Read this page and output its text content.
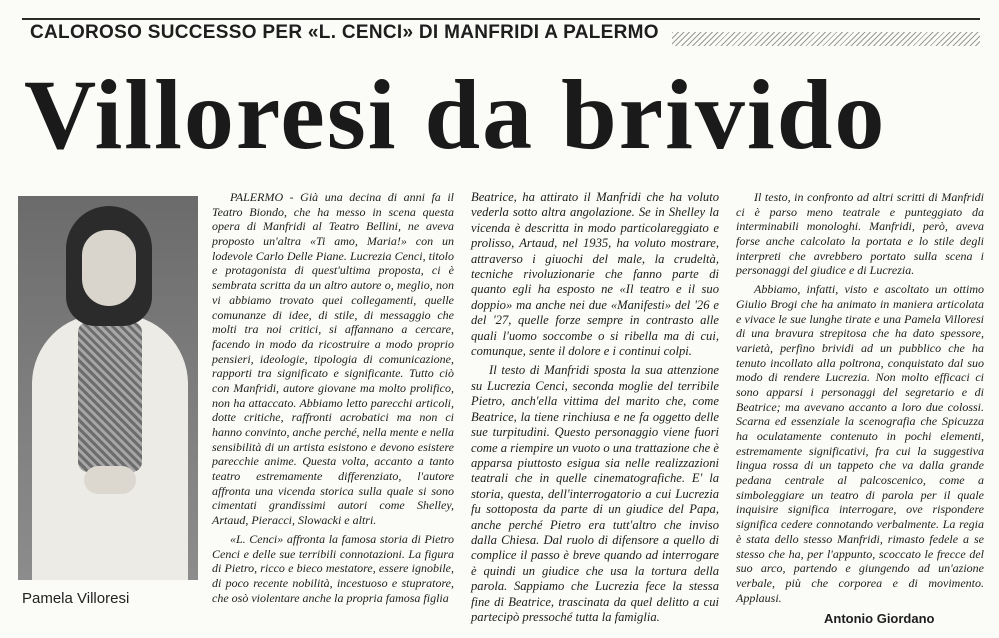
CALOROSO SUCCESSO PER «L. CENCI» DI MANFRIDI A PALERMO
Villoresi da brivido
Pamela Villoresi

PALERMO - Già una decina di anni fa il Teatro Biondo, che ha messo in scena questa opera di Manfridi al Teatro Bellini, ne aveva proposto un'altra «Ti amo, Maria!» con un lodevole Carlo Delle Piane. Lucrezia Cenci, titolo e protagonista di quest'ultima proposta, ci è sembrata scritta da un altro autore o, meglio, non vi abbiamo trovato quei collegamenti, quelle comunanze di idee, di stile, di messaggio che molti tra noi critici, si affannano a cercare, facendo in modo da ricostruire a modo proprio pensieri, ideologie, tipologia di comunicazione, rapporti tra significato e significante. Tutto ciò con Manfridi, autore giovane ma molto prolifico, non ha attaccato. Abbiamo letto parecchi articoli, dotte critiche, raffronti acrobatici ma non ci hanno convinto, anche perché, nella mente e nella sensibilità di un artista esistono e devono esistere parecchie anime. Questa volta, accanto a tanto teatro estremamente differenziato, l'autore affronta una vicenda storica sulla quale si sono cimentati grandissimi autori come Shelley, Artaud, Pieracci, Slowacki e altri.

«L. Cenci» affronta la famosa storia di Pietro Cenci e delle sue terribili connotazioni. La figura di Pietro, ricco e bieco mestatore, essere ignobile, di poco recente nobilità, incestuoso e stupratore, che osò violentare anche la propria famosa figlia

Beatrice, ha attirato il Manfridi che ha voluto vederla sotto altra angolazione. Se in Shelley la vicenda è descritta in modo particolareggiato e prolisso, Artaud, nel 1935, ha voluto mostrare, attraverso i giuochi del male, la crudeltà, tecniche rivoluzionarie che fanno parte di quanto egli ha esposto ne «Il teatro e il suo doppio» ma anche nei due «Manifesti» del '26 e del '27, quelle forze sempre in contrasto alle quali l'uomo soccombe o si ribella ma di cui, comunque, sente il dolore e i continui colpi.

Il testo di Manfridi sposta la sua attenzione su Lucrezia Cenci, seconda moglie del terribile Pietro, anch'ella vittima del marito che, come Beatrice, la tiene rinchiusa e ne fa oggetto delle sue turpitudini. Questo personaggio viene fuori come a riempire un vuoto o una trattazione che è apparsa piuttosto esigua sia nelle realizzazioni teatrali che in quelle cinematografiche. E' la storia, questa, dell'interrogatorio a cui Lucrezia fu sottoposta da parte di un giudice del Papa, anche perché Pietro era tutt'altro che inviso dalla Chiesa. Dal ruolo di difensore a quello di complice il passo è breve quando ad interrogare è quindi un giudice che usa la tortura della parola. Sappiamo che Lucrezia fece la stessa fine di Beatrice, trascinata da quel delitto a cui partecipò pressoché tutta la famiglia.

Il testo, in confronto ad altri scritti di Manfridi ci è parso meno teatrale e punteggiato da interminabili monologhi. Manfridi, però, aveva forse anche calcolato la portata e lo stile degli interpreti che avrebbero portato sulla scena i personaggi del giudice e di Lucrezia.

Abbiamo, infatti, visto e ascoltato un ottimo Giulio Brogi che ha animato in maniera articolata e vivace le sue lunghe tirate e una Pamela Villoresi di una bravura strepitosa che ha dato spessore, varietà, perfino brividi ad un pubblico che ha tenuto incollato alla poltrona, conquistato dal suo modo di rendere Lucrezia. Non molto efficaci ci sono apparsi i personaggi del segretario e di Beatrice; ma avevano accanto a loro due colossi. Scarna ed essenziale la scenografia che Spicuzza ha oculatamente contenuto in pochi elementi, estremamente significativi, fra cui la suggestiva lingua rossa di un tappeto che va dalla grande pedana centrale al palcoscenico, come a simboleggiare un teatro di parola per il quale inquisire significa interrogare, ove rispondere significa cedere connotando verbalmente. La regia è stata dello stesso Manfridi, rimasto fedele a se stesso che ha, per l'appunto, scoccato le frecce del suo arco, partendo e giungendo ad un'azione verbale, più che corporea e di movimento. Applausi.

Antonio Giordano
